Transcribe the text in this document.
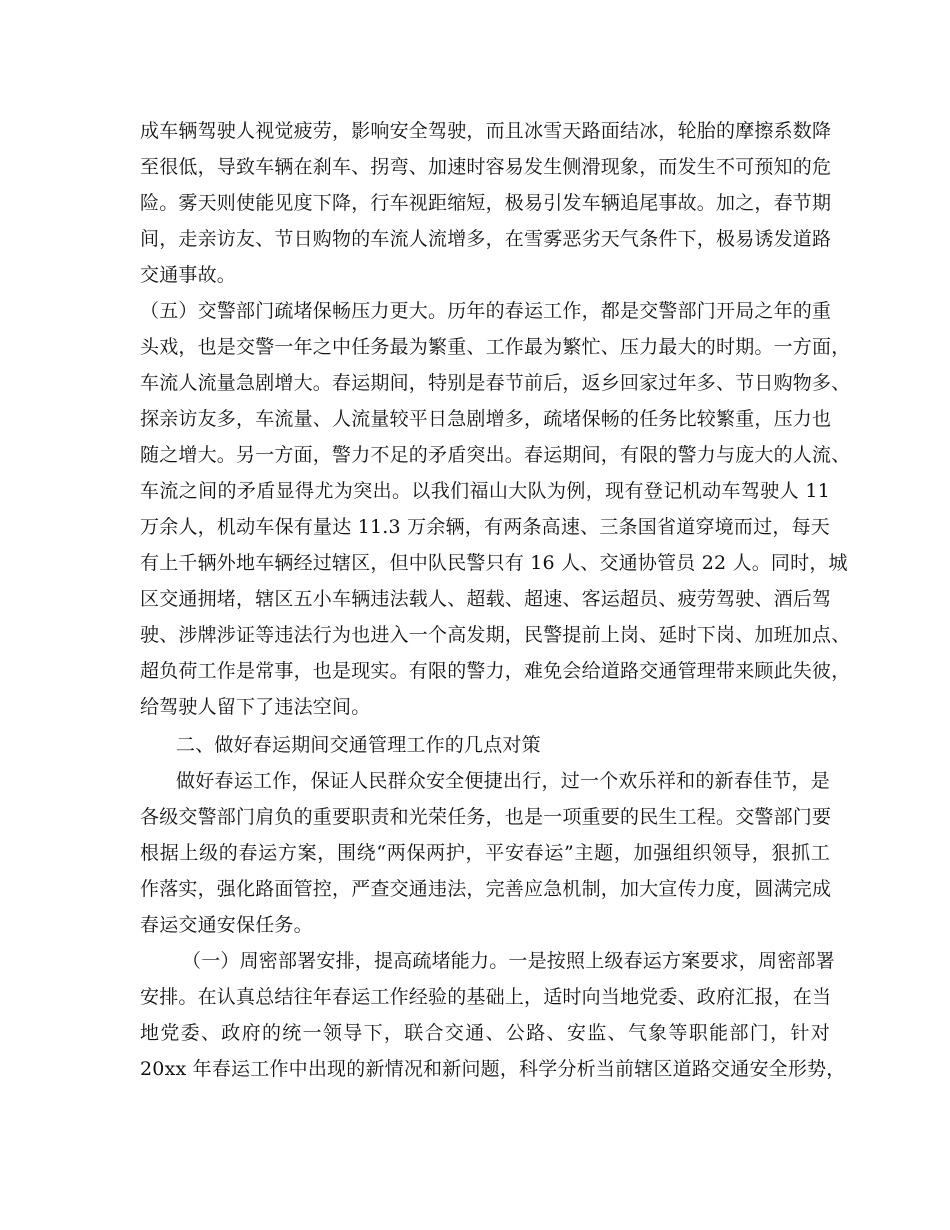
成车辆驾驶人视觉疲劳，影响安全驾驶，而且冰雪天路面结冰，轮胎的摩擦系数降
至很低，导致车辆在刹车、拐弯、加速时容易发生侧滑现象，而发生不可预知的危
险。雾天则使能见度下降，行车视距缩短，极易引发车辆追尾事故。加之，春节期
间，走亲访友、节日购物的车流人流增多，在雪雾恶劣天气条件下，极易诱发道路
交通事故。
（五）交警部门疏堵保畅压力更大。历年的春运工作，都是交警部门开局之年的重
头戏，也是交警一年之中任务最为繁重、工作最为繁忙、压力最大的时期。一方面，
车流人流量急剧增大。春运期间，特别是春节前后，返乡回家过年多、节日购物多、
探亲访友多，车流量、人流量较平日急剧增多，疏堵保畅的任务比较繁重，压力也
随之增大。另一方面，警力不足的矛盾突出。春运期间，有限的警力与庞大的人流、
车流之间的矛盾显得尤为突出。以我们福山大队为例，现有登记机动车驾驶人 11
万余人，机动车保有量达 11.3 万余辆，有两条高速、三条国省道穿境而过，每天
有上千辆外地车辆经过辖区，但中队民警只有 16 人、交通协管员 22 人。同时，城
区交通拥堵，辖区五小车辆违法载人、超载、超速、客运超员、疲劳驾驶、酒后驾
驶、涉牌涉证等违法行为也进入一个高发期，民警提前上岗、延时下岗、加班加点、
超负荷工作是常事，也是现实。有限的警力，难免会给道路交通管理带来顾此失彼，
给驾驶人留下了违法空间。
二、做好春运期间交通管理工作的几点对策
做好春运工作，保证人民群众安全便捷出行，过一个欢乐祥和的新春佳节，是
各级交警部门肩负的重要职责和光荣任务，也是一项重要的民生工程。交警部门要
根据上级的春运方案，围绕“两保两护，平安春运”主题，加强组织领导，狠抓工
作落实，强化路面管控，严查交通违法，完善应急机制，加大宣传力度，圆满完成
春运交通安保任务。
（一）周密部署安排，提高疏堵能力。一是按照上级春运方案要求，周密部署
安排。在认真总结往年春运工作经验的基础上，适时向当地党委、政府汇报，在当
地党委、政府的统一领导下，联合交通、公路、安监、气象等职能部门，针对
20xx 年春运工作中出现的新情况和新问题，科学分析当前辖区道路交通安全形势，
